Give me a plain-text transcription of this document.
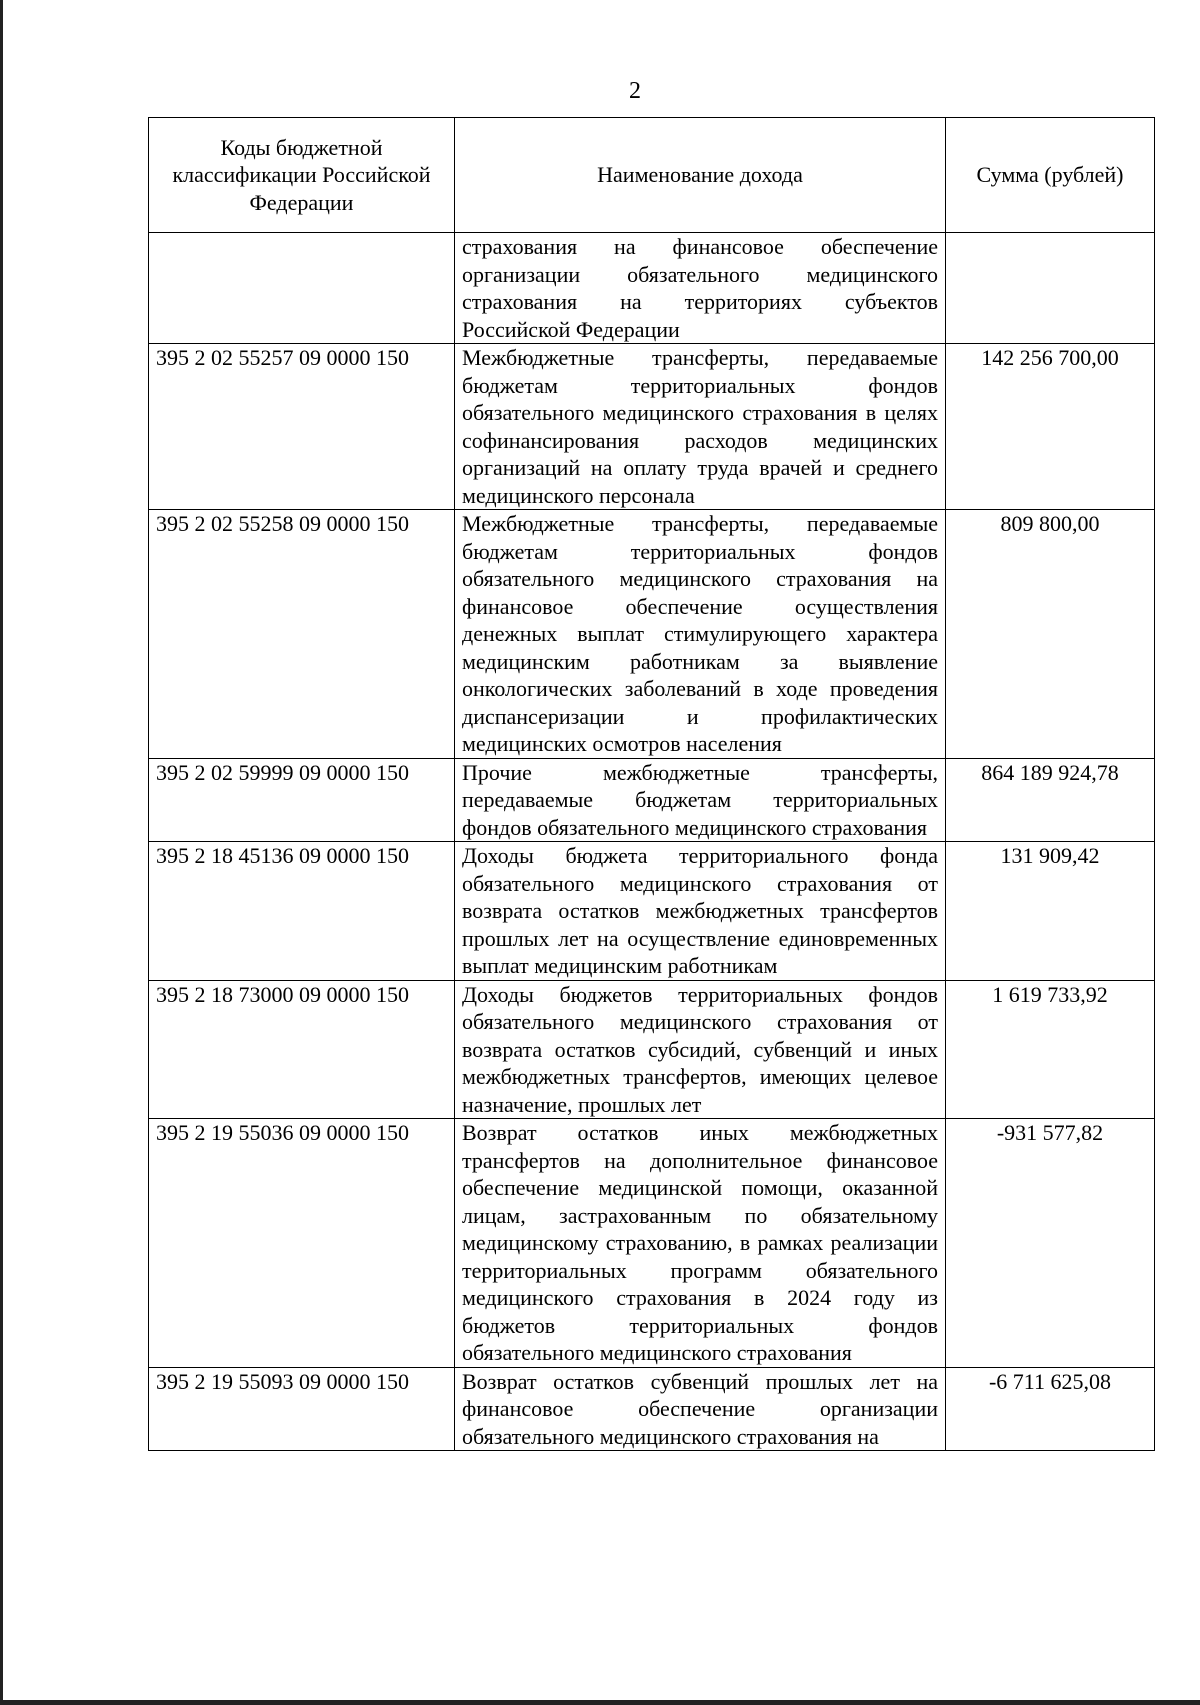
2
Коды бюджетной классификации Российской Федерации	Наименование дохода	Сумма (рублей)
	страхования на финансовое обеспечение организации обязательного медицинского страхования на территориях субъектов Российской Федерации	
395 2 02 55257 09 0000 150	Межбюджетные трансферты, передаваемые бюджетам территориальных фондов обязательного медицинского страхования в целях софинансирования расходов медицинских организаций на оплату труда врачей и среднего медицинского персонала	142 256 700,00
395 2 02 55258 09 0000 150	Межбюджетные трансферты, передаваемые бюджетам территориальных фондов обязательного медицинского страхования на финансовое обеспечение осуществления денежных выплат стимулирующего характера медицинским работникам за выявление онкологических заболеваний в ходе проведения диспансеризации и профилактических медицинских осмотров населения	809 800,00
395 2 02 59999 09 0000 150	Прочие межбюджетные трансферты, передаваемые бюджетам территориальных фондов обязательного медицинского страхования	864 189 924,78
395 2 18 45136 09 0000 150	Доходы бюджета территориального фонда обязательного медицинского страхования от возврата остатков межбюджетных трансфертов прошлых лет на осуществление единовременных выплат медицинским работникам	131 909,42
395 2 18 73000 09 0000 150	Доходы бюджетов территориальных фондов обязательного медицинского страхования от возврата остатков субсидий, субвенций и иных межбюджетных трансфертов, имеющих целевое назначение, прошлых лет	1 619 733,92
395 2 19 55036 09 0000 150	Возврат остатков иных межбюджетных трансфертов на дополнительное финансовое обеспечение медицинской помощи, оказанной лицам, застрахованным по обязательному медицинскому страхованию, в рамках реализации территориальных программ обязательного медицинского страхования в 2024 году из бюджетов территориальных фондов обязательного медицинского страхования	-931 577,82
395 2 19 55093 09 0000 150	Возврат остатков субвенций прошлых лет на финансовое обеспечение организации обязательного медицинского страхования на	-6 711 625,08
